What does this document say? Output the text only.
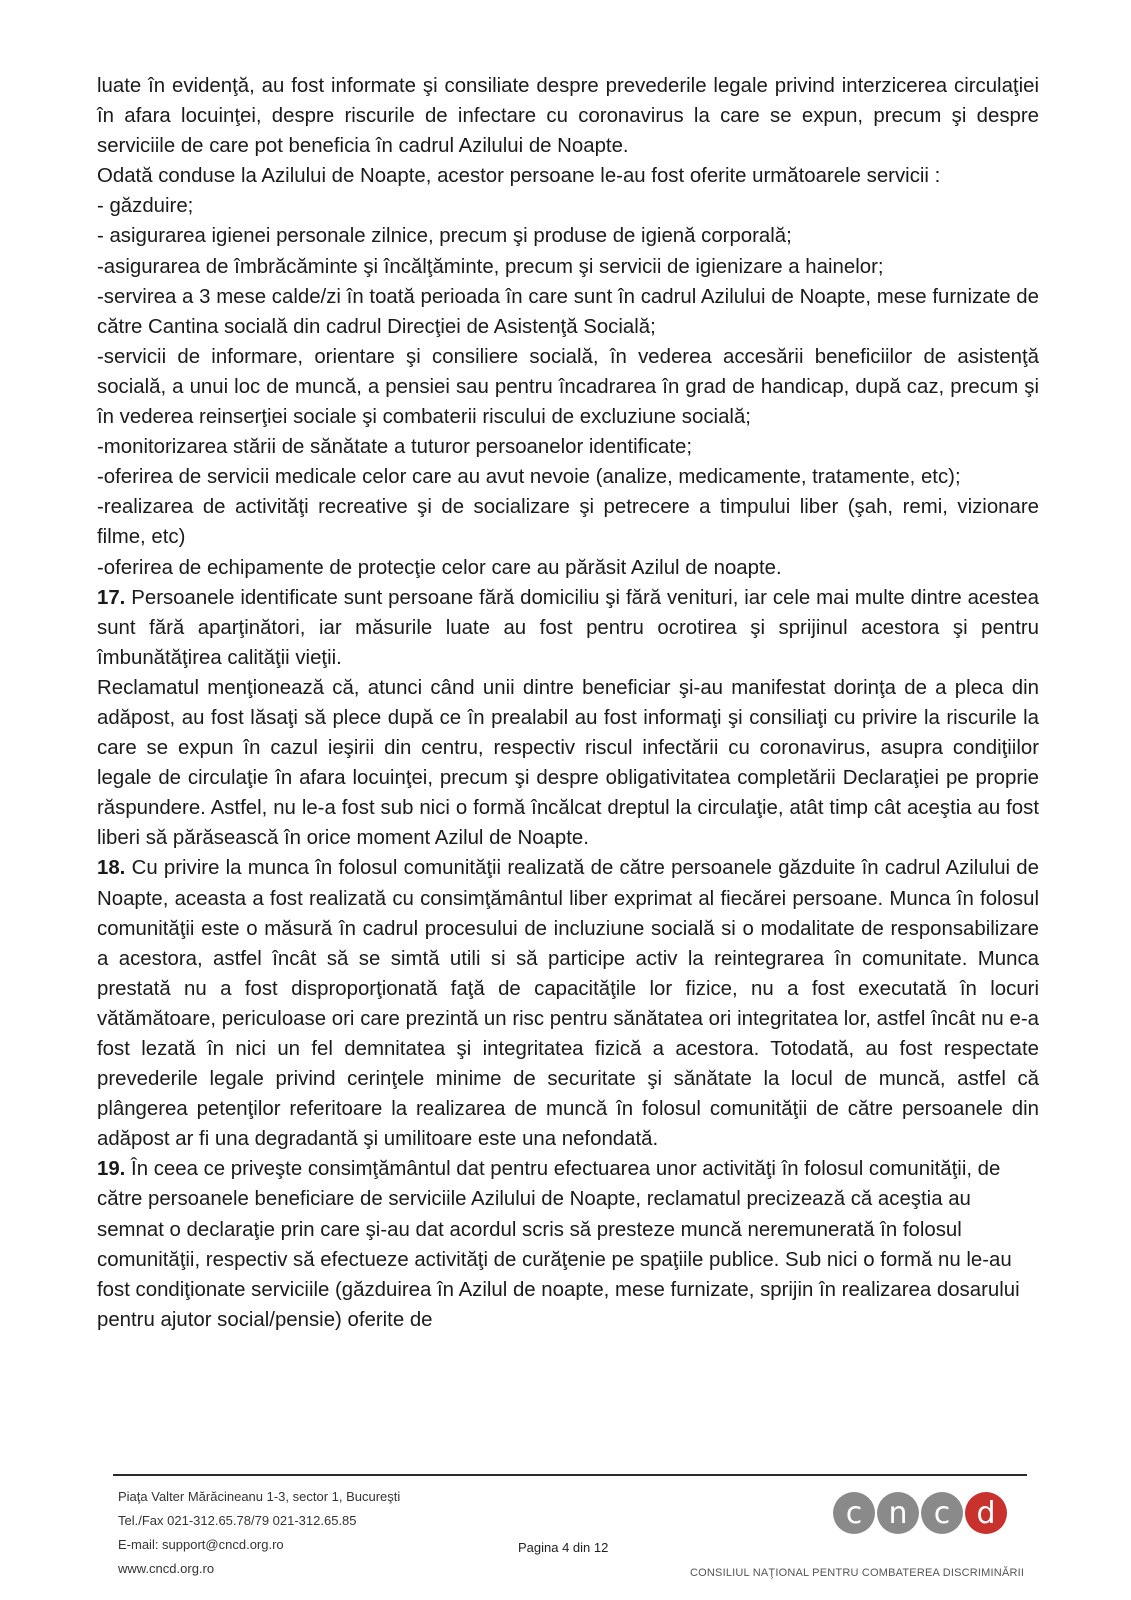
luate în evidenţă, au fost informate şi consiliate despre prevederile legale privind interzicerea circulaţiei în afara locuinţei, despre riscurile de infectare cu coronavirus la care se expun, precum şi despre serviciile de care pot beneficia în cadrul Azilului de Noapte.

Odată conduse la Azilului de Noapte, acestor persoane le-au fost oferite următoarele servicii :

- găzduire;

- asigurarea igienei personale zilnice, precum şi produse de igienă corporală;

-asigurarea de îmbrăcăminte şi încălţăminte, precum şi servicii de igienizare a hainelor;

-servirea a 3 mese calde/zi în toată perioada în care sunt în cadrul Azilului de Noapte, mese furnizate de către Cantina socială din cadrul Direcţiei de Asistenţă Socială;

-servicii de informare, orientare şi consiliere socială, în vederea accesării beneficiilor de asistenţă socială, a unui loc de muncă, a pensiei sau pentru încadrarea în grad de handicap, după caz, precum şi în vederea reinserţiei sociale şi combaterii riscului de excluziune socială;

-monitorizarea stării de sănătate a tuturor persoanelor identificate;

-oferirea de servicii medicale celor care au avut nevoie (analize, medicamente, tratamente, etc);

-realizarea de activităţi recreative şi de socializare şi petrecere a timpului liber (şah, remi, vizionare filme, etc)

-oferirea de echipamente de protecţie celor care au părăsit Azilul de noapte.

17. Persoanele identificate sunt persoane fără domiciliu şi fără venituri, iar cele mai multe dintre acestea sunt fără aparţinători, iar măsurile luate au fost pentru ocrotirea şi sprijinul acestora şi pentru îmbunătăţirea calităţii vieţii.

Reclamatul menţionează că, atunci când unii dintre beneficiar şi-au manifestat dorinţa de a pleca din adăpost, au fost lăsaţi să plece după ce în prealabil au fost informaţi şi consiliaţi cu privire la riscurile la care se expun în cazul ieşirii din centru, respectiv riscul infectării cu coronavirus, asupra condiţiilor legale de circulaţie în afara locuinţei, precum şi despre obligativitatea completării Declaraţiei pe proprie răspundere. Astfel, nu le-a fost sub nici o formă încălcat dreptul la circulaţie, atât timp cât aceştia au fost liberi să părăsească în orice moment Azilul de Noapte.

18. Cu privire la munca în folosul comunităţii realizată de către persoanele găzduite în cadrul Azilului de Noapte, aceasta a fost realizată cu consimţământul liber exprimat al fiecărei persoane. Munca în folosul comunităţii este o măsură în cadrul procesului de incluziune socială si o modalitate de responsabilizare a acestora, astfel încât să se simtă utili si să participe activ la reintegrarea în comunitate. Munca prestată nu a fost disproporţionată faţă de capacităţile lor fizice, nu a fost executată în locuri vătămătoare, periculoase ori care prezintă un risc pentru sănătatea ori integritatea lor, astfel încât nu e-a fost lezată în nici un fel demnitatea şi integritatea fizică a acestora. Totodată, au fost respectate prevederile legale privind cerinţele minime de securitate şi sănătate la locul de muncă, astfel că plângerea petenţilor referitoare la realizarea de muncă în folosul comunităţii de către persoanele din adăpost ar fi una degradantă şi umilitoare este una nefondată.

19. În ceea ce priveşte consimţământul dat pentru efectuarea unor activităţi în folosul comunităţii, de către persoanele beneficiare de serviciile Azilului de Noapte, reclamatul precizează că aceştia au semnat o declaraţie prin care şi-au dat acordul scris să presteze muncă neremunerată în folosul comunităţii, respectiv să efectueze activităţi de curăţenie pe spaţiile publice. Sub nici o formă nu le-au fost condiţionate serviciile (găzduirea în Azilul de noapte, mese furnizate, sprijin în realizarea dosarului pentru ajutor social/pensie) oferite de

Piaţa Valter Mărăcineanu 1-3, sector 1, Bucureşti
Tel./Fax 021-312.65.78/79 021-312.65.85
E-mail: support@cncd.org.ro
www.cncd.org.ro
Pagina 4 din 12
c n c d
CONSILIUL NAŢIONAL PENTRU COMBATEREA DISCRIMINĂRII
